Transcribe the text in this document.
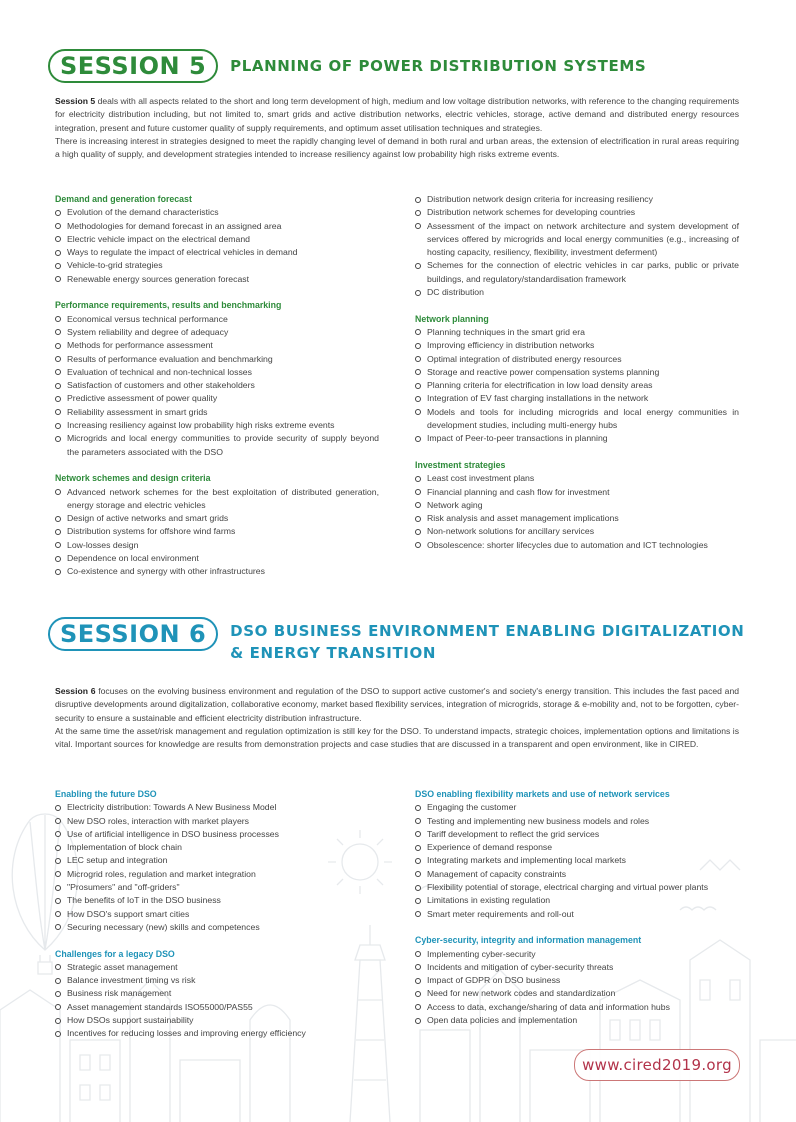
SESSION 5	PLANNING OF POWER DISTRIBUTION SYSTEMS

Session 5 deals with all aspects related to the short and long term development of high, medium and low voltage distribution networks, with reference to the changing requirements for electricity distribution including, but not limited to, smart grids and active distribution networks, electric vehicles, storage, active demand and distributed energy resources integration, present and future customer quality of supply requirements, and optimum asset utilisation techniques and strategies.

There is increasing interest in strategies designed to meet the rapidly changing level of demand in both rural and urban areas, the extension of electrification in rural areas requiring a high quality of supply, and development strategies intended to increase resiliency against low probability high risks extreme events.

Demand and generation forecast
Evolution of the demand characteristics
Methodologies for demand forecast in an assigned area
Electric vehicle impact on the electrical demand
Ways to regulate the impact of electrical vehicles in demand
Vehicle-to-grid strategies
Renewable energy sources generation forecast
Performance requirements, results and benchmarking
Economical versus technical performance
System reliability and degree of adequacy
Methods for performance assessment
Results of performance evaluation and benchmarking
Evaluation of technical and non-technical losses
Satisfaction of customers and other stakeholders
Predictive assessment of power quality
Reliability assessment in smart grids
Increasing resiliency against low probability high risks extreme events
Microgrids and local energy communities to provide security of supply beyond the parameters associated with the DSO
Network schemes and design criteria
Advanced network schemes for the best exploitation of distributed generation, energy storage and electric vehicles
Design of active networks and smart grids
Distribution systems for offshore wind farms
Low-losses design
Dependence on local environment
Co-existence and synergy with other infrastructures
Distribution network design criteria for increasing resiliency
Distribution network schemes for developing countries
Assessment of the impact on network architecture and system development of services offered by microgrids and local energy communities (e.g., increasing of hosting capacity, resiliency, flexibility, investment deferment)
Schemes for the connection of electric vehicles in car parks, public or private buildings, and regulatory/standardisation framework
DC distribution
Network planning
Planning techniques in the smart grid era
Improving efficiency in distribution networks
Optimal integration of distributed energy resources
Storage and reactive power compensation systems planning
Planning criteria for electrification in low load density areas
Integration of EV fast charging installations in the network
Models and tools for including microgrids and local energy communities in development studies, including multi-energy hubs
Impact of Peer-to-peer transactions in planning
Investment strategies
Least cost investment plans
Financial planning and cash flow for investment
Network aging
Risk analysis and asset management implications
Non-network solutions for ancillary services
Obsolescence: shorter lifecycles due to automation and ICT technologies
SESSION 6	DSO BUSINESS ENVIRONMENT ENABLING DIGITALIZATION
& ENERGY TRANSITION

Session 6 focuses on the evolving business environment and regulation of the DSO to support active customer's and society's energy transition. This includes the fast paced and disruptive developments around digitalization, collaborative economy, market based flexibility services, integration of microgrids, storage & e-mobility and, not to be forgotten, cyber-security to ensure a sustainable and efficient electricity distribution infrastructure.

At the same time the asset/risk management and regulation optimization is still key for the DSO. To understand impacts, strategic choices, implementation options and limitations is vital. Important sources for knowledge are results from demonstration projects and case studies that are discussed in a transparent and open environment, like in CIRED.

Enabling the future DSO
Electricity distribution: Towards A New Business Model
New DSO roles, interaction with market players
Use of artificial intelligence in DSO business processes
Implementation of block chain
LEC setup and integration
Microgrid roles, regulation and market integration
"Prosumers" and "off-griders"
The benefits of IoT in the DSO business
How DSO's support smart cities
Securing necessary (new) skills and competences
Challenges for a legacy DSO
Strategic asset management
Balance investment timing vs risk
Business risk management
Asset management standards ISO55000/PAS55
How DSOs support sustainability
Incentives for reducing losses and improving energy efficiency
DSO enabling flexibility markets and use of network services
Engaging the customer
Testing and implementing new business models and roles
Tariff development to reflect the grid services
Experience of demand response
Integrating markets and implementing local markets
Management of capacity constraints
Flexibility potential of storage, electrical charging and virtual power plants
Limitations in existing regulation
Smart meter requirements and roll-out
Cyber-security, integrity and information management
Implementing cyber-security
Incidents and mitigation of cyber-security threats
Impact of GDPR on DSO business
Need for new network codes and standardization
Access to data, exchange/sharing of data and information hubs
Open data policies and implementation
www.cired2019.org
